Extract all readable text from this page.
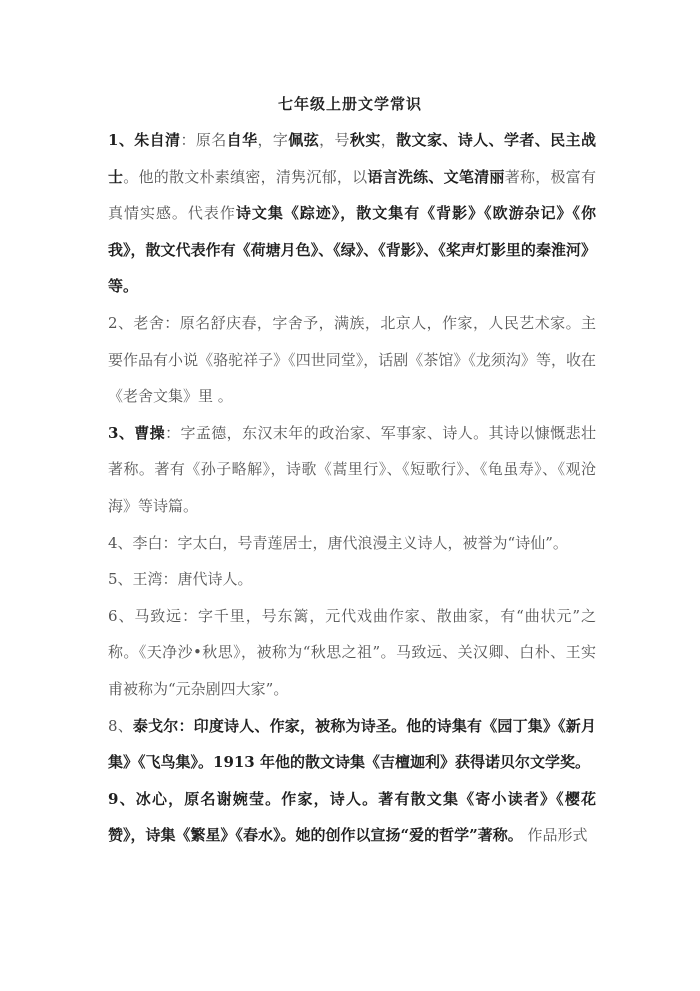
七年级上册文学常识

1、朱自清：原名自华，字佩弦，号秋实，散文家、诗人、学者、民主战士。他的散文朴素缜密，清隽沉郁，以语言洗练、文笔清丽著称，极富有真情实感。代表作诗文集《踪迹》，散文集有《背影》《欧游杂记》《你我》，散文代表作有《荷塘月色》、《绿》、《背影》、《桨声灯影里的秦淮河》等。

2、老舍：原名舒庆春，字舍予，满族，北京人，作家，人民艺术家。主要作品有小说《骆驼祥子》《四世同堂》，话剧《茶馆》《龙须沟》等，收在《老舍文集》里 。

3、曹操：字孟德，东汉末年的政治家、军事家、诗人。其诗以慷慨悲壮著称。著有《孙子略解》，诗歌《蒿里行》、《短歌行》、《龟虽寿》、《观沧海》等诗篇。

4、李白：字太白，号青莲居士，唐代浪漫主义诗人，被誉为“诗仙”。

5、王湾：唐代诗人。

6、马致远：字千里，号东篱，元代戏曲作家、散曲家，有“曲状元”之称。《天净沙•秋思》，被称为“秋思之祖”。马致远、关汉卿、白朴、王实甫被称为“元杂剧四大家”。

8、泰戈尔：印度诗人、作家，被称为诗圣。他的诗集有《园丁集》《新月集》《飞鸟集》。1913 年他的散文诗集《吉檀迦利》获得诺贝尔文学奖。

9、冰心，原名谢婉莹。作家，诗人。著有散文集《寄小读者》《樱花赞》，诗集《繁星》《春水》。她的创作以宣扬“爱的哲学”著称。 作品形式
